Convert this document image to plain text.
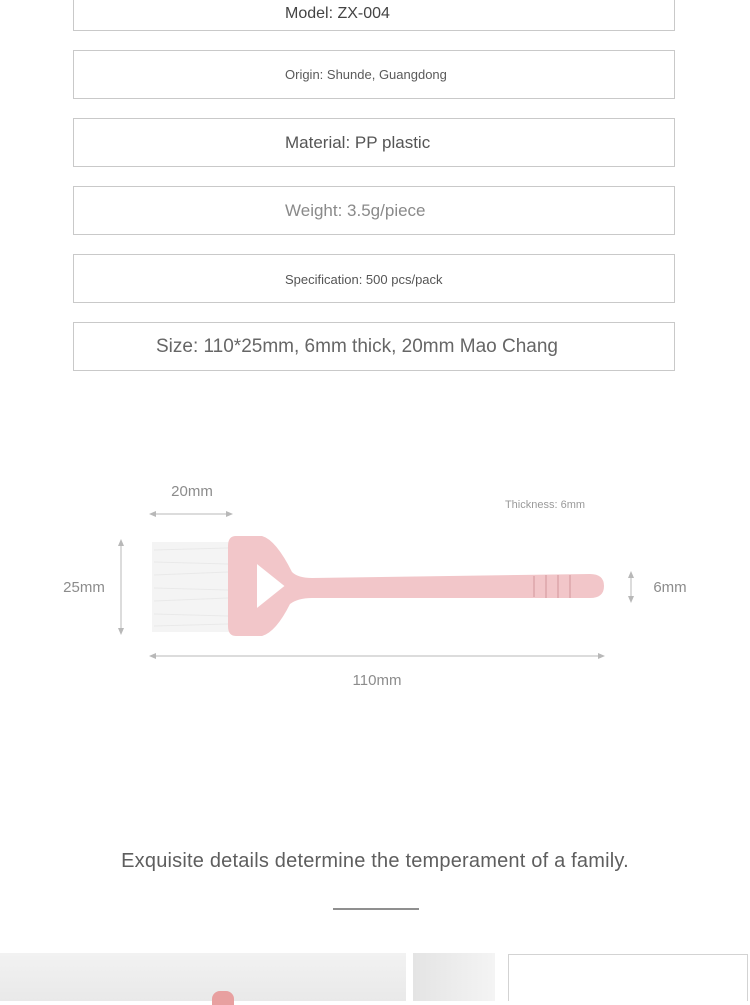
Model: ZX-004
Origin: Shunde, Guangdong
Material: PP plastic
Weight: 3.5g/piece
Specification: 500 pcs/pack
Size: 110*25mm, 6mm thick, 20mm Mao Chang
20mm
25mm
110mm
6mm
Thickness: 6mm
Exquisite details determine the temperament of a family.
